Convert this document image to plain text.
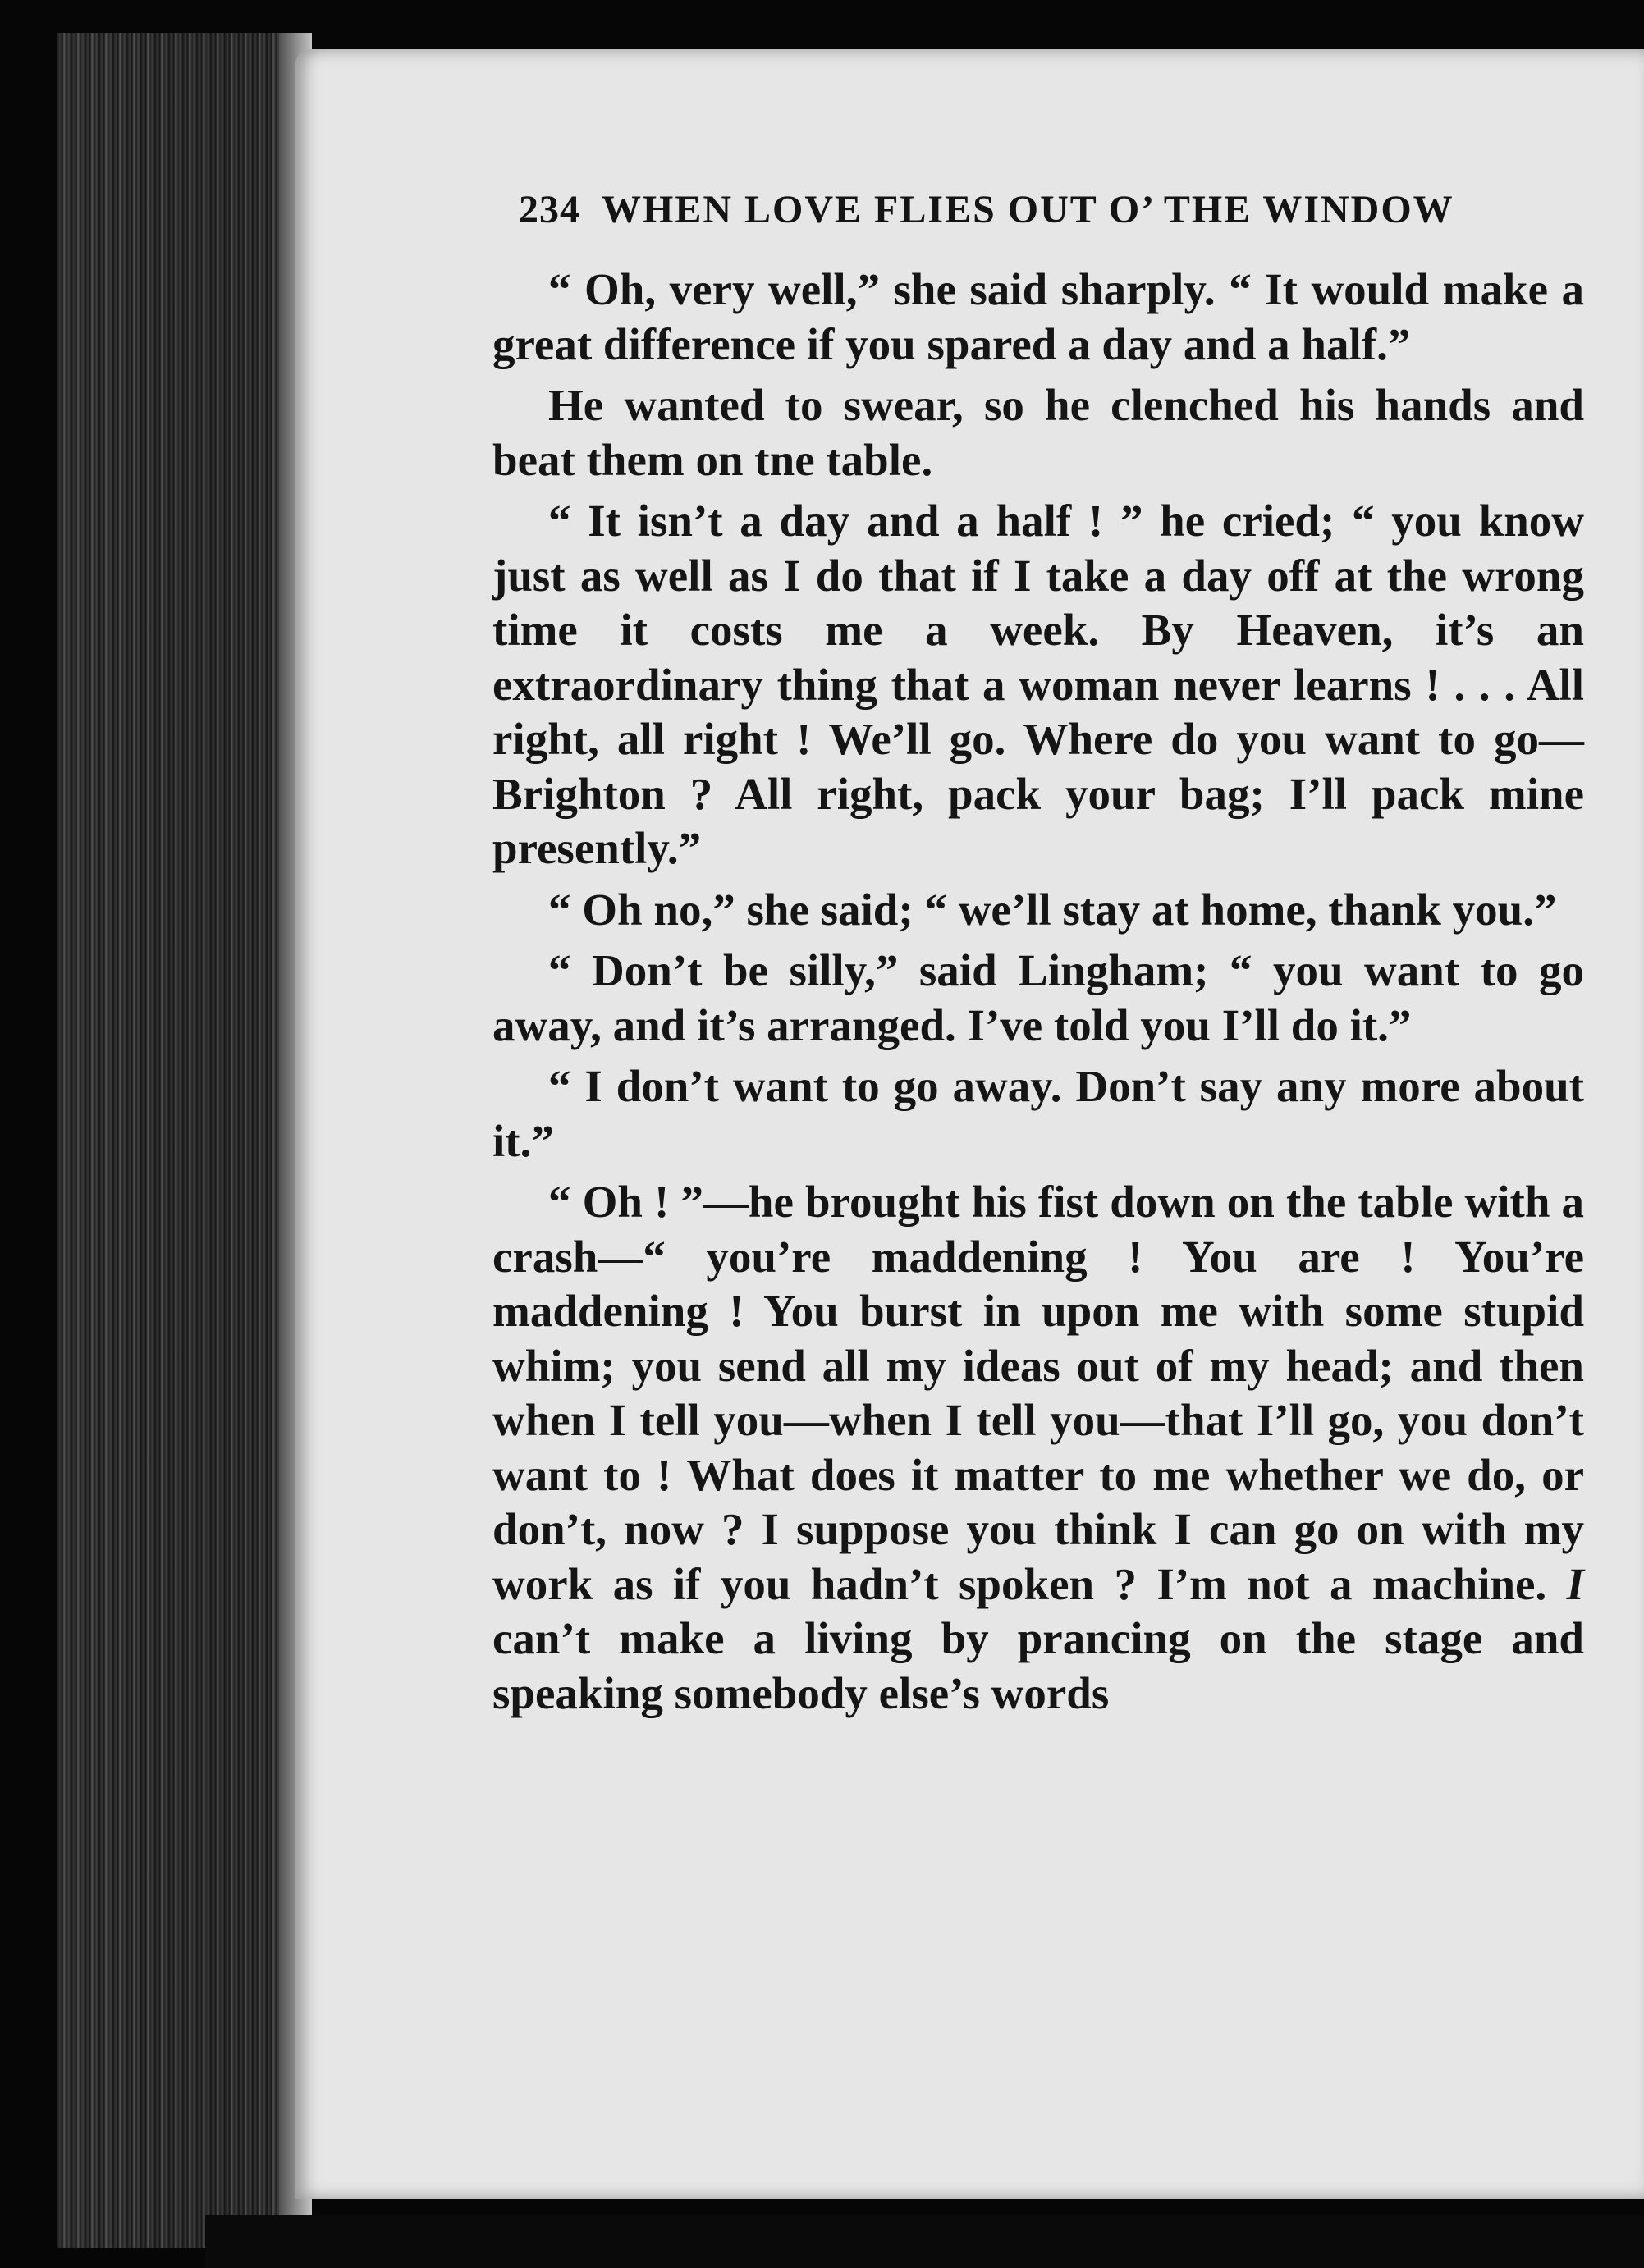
234 WHEN LOVE FLIES OUT O’ THE WINDOW

“ Oh, very well,” she said sharply. “ It would make a great difference if you spared a day and a half.”

He wanted to swear, so he clenched his hands and beat them on tne table.

“ It isn’t a day and a half ! ” he cried; “ you know just as well as I do that if I take a day off at the wrong time it costs me a week. By Heaven, it’s an extraordinary thing that a woman never learns ! . . . All right, all right ! We’ll go. Where do you want to go—Brighton ? All right, pack your bag; I’ll pack mine presently.”

“ Oh no,” she said; “ we’ll stay at home, thank you.”

“ Don’t be silly,” said Lingham; “ you want to go away, and it’s arranged. I’ve told you I’ll do it.”

“ I don’t want to go away. Don’t say any more about it.”

“ Oh ! ”—he brought his fist down on the table with a crash—“ you’re maddening ! You are ! You’re maddening ! You burst in upon me with some stupid whim; you send all my ideas out of my head; and then when I tell you—when I tell you—that I’ll go, you don’t want to ! What does it matter to me whether we do, or don’t, now ? I suppose you think I can go on with my work as if you hadn’t spoken ? I’m not a machine. I can’t make a living by prancing on the stage and speaking somebody else’s words
